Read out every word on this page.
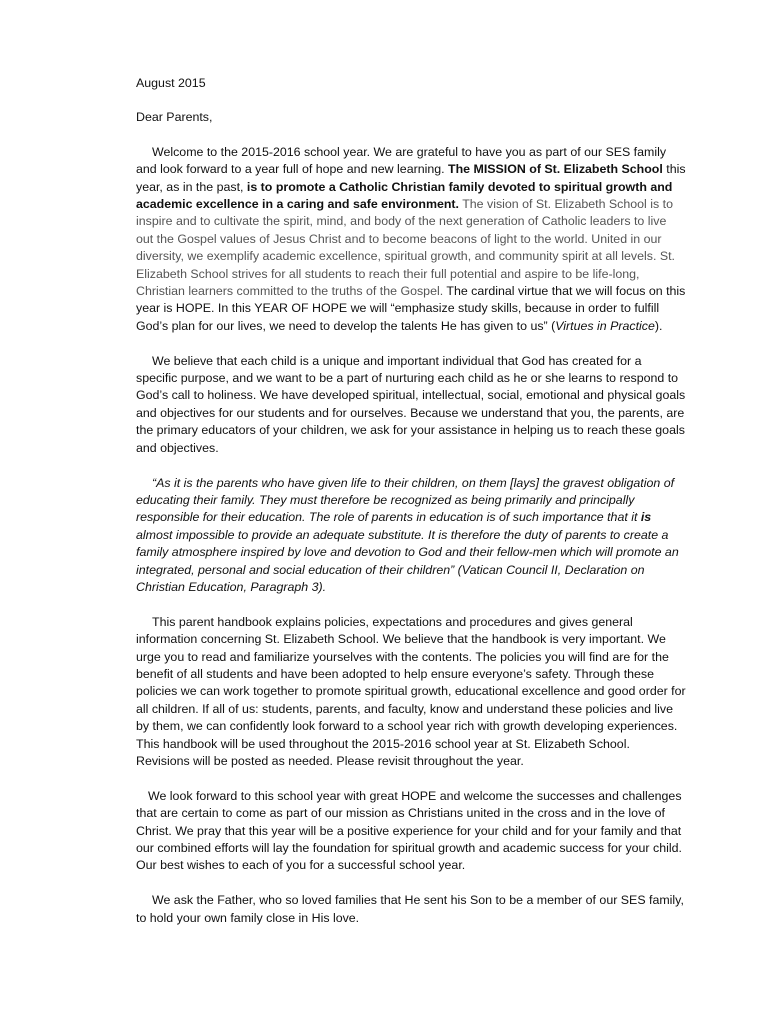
August 2015
Dear Parents,

Welcome to the 2015-2016 school year. We are grateful to have you as part of our SES family and look forward to a year full of hope and new learning. The MISSION of St. Elizabeth School this year, as in the past, is to promote a Catholic Christian family devoted to spiritual growth and academic excellence in a caring and safe environment. The vision of St. Elizabeth School is to inspire and to cultivate the spirit, mind, and body of the next generation of Catholic leaders to live out the Gospel values of Jesus Christ and to become beacons of light to the world. United in our diversity, we exemplify academic excellence, spiritual growth, and community spirit at all levels. St. Elizabeth School strives for all students to reach their full potential and aspire to be life-long, Christian learners committed to the truths of the Gospel. The cardinal virtue that we will focus on this year is HOPE. In this YEAR OF HOPE we will “emphasize study skills, because in order to fulfill God’s plan for our lives, we need to develop the talents He has given to us” (Virtues in Practice).

We believe that each child is a unique and important individual that God has created for a specific purpose, and we want to be a part of nurturing each child as he or she learns to respond to God’s call to holiness. We have developed spiritual, intellectual, social, emotional and physical goals and objectives for our students and for ourselves. Because we understand that you, the parents, are the primary educators of your children, we ask for your assistance in helping us to reach these goals and objectives.

“As it is the parents who have given life to their children, on them [lays] the gravest obligation of educating their family. They must therefore be recognized as being primarily and principally responsible for their education. The role of parents in education is of such importance that it is almost impossible to provide an adequate substitute. It is therefore the duty of parents to create a family atmosphere inspired by love and devotion to God and their fellow-men which will promote an integrated, personal and social education of their children” (Vatican Council II, Declaration on Christian Education, Paragraph 3).

This parent handbook explains policies, expectations and procedures and gives general information concerning St. Elizabeth School. We believe that the handbook is very important. We urge you to read and familiarize yourselves with the contents. The policies you will find are for the benefit of all students and have been adopted to help ensure everyone’s safety. Through these policies we can work together to promote spiritual growth, educational excellence and good order for all children. If all of us: students, parents, and faculty, know and understand these policies and live by them, we can confidently look forward to a school year rich with growth developing experiences. This handbook will be used throughout the 2015-2016 school year at St. Elizabeth School. Revisions will be posted as needed. Please revisit throughout the year.

We look forward to this school year with great HOPE and welcome the successes and challenges that are certain to come as part of our mission as Christians united in the cross and in the love of Christ. We pray that this year will be a positive experience for your child and for your family and that our combined efforts will lay the foundation for spiritual growth and academic success for your child. Our best wishes to each of you for a successful school year.

We ask the Father, who so loved families that He sent his Son to be a member of our SES family, to hold your own family close in His love.
